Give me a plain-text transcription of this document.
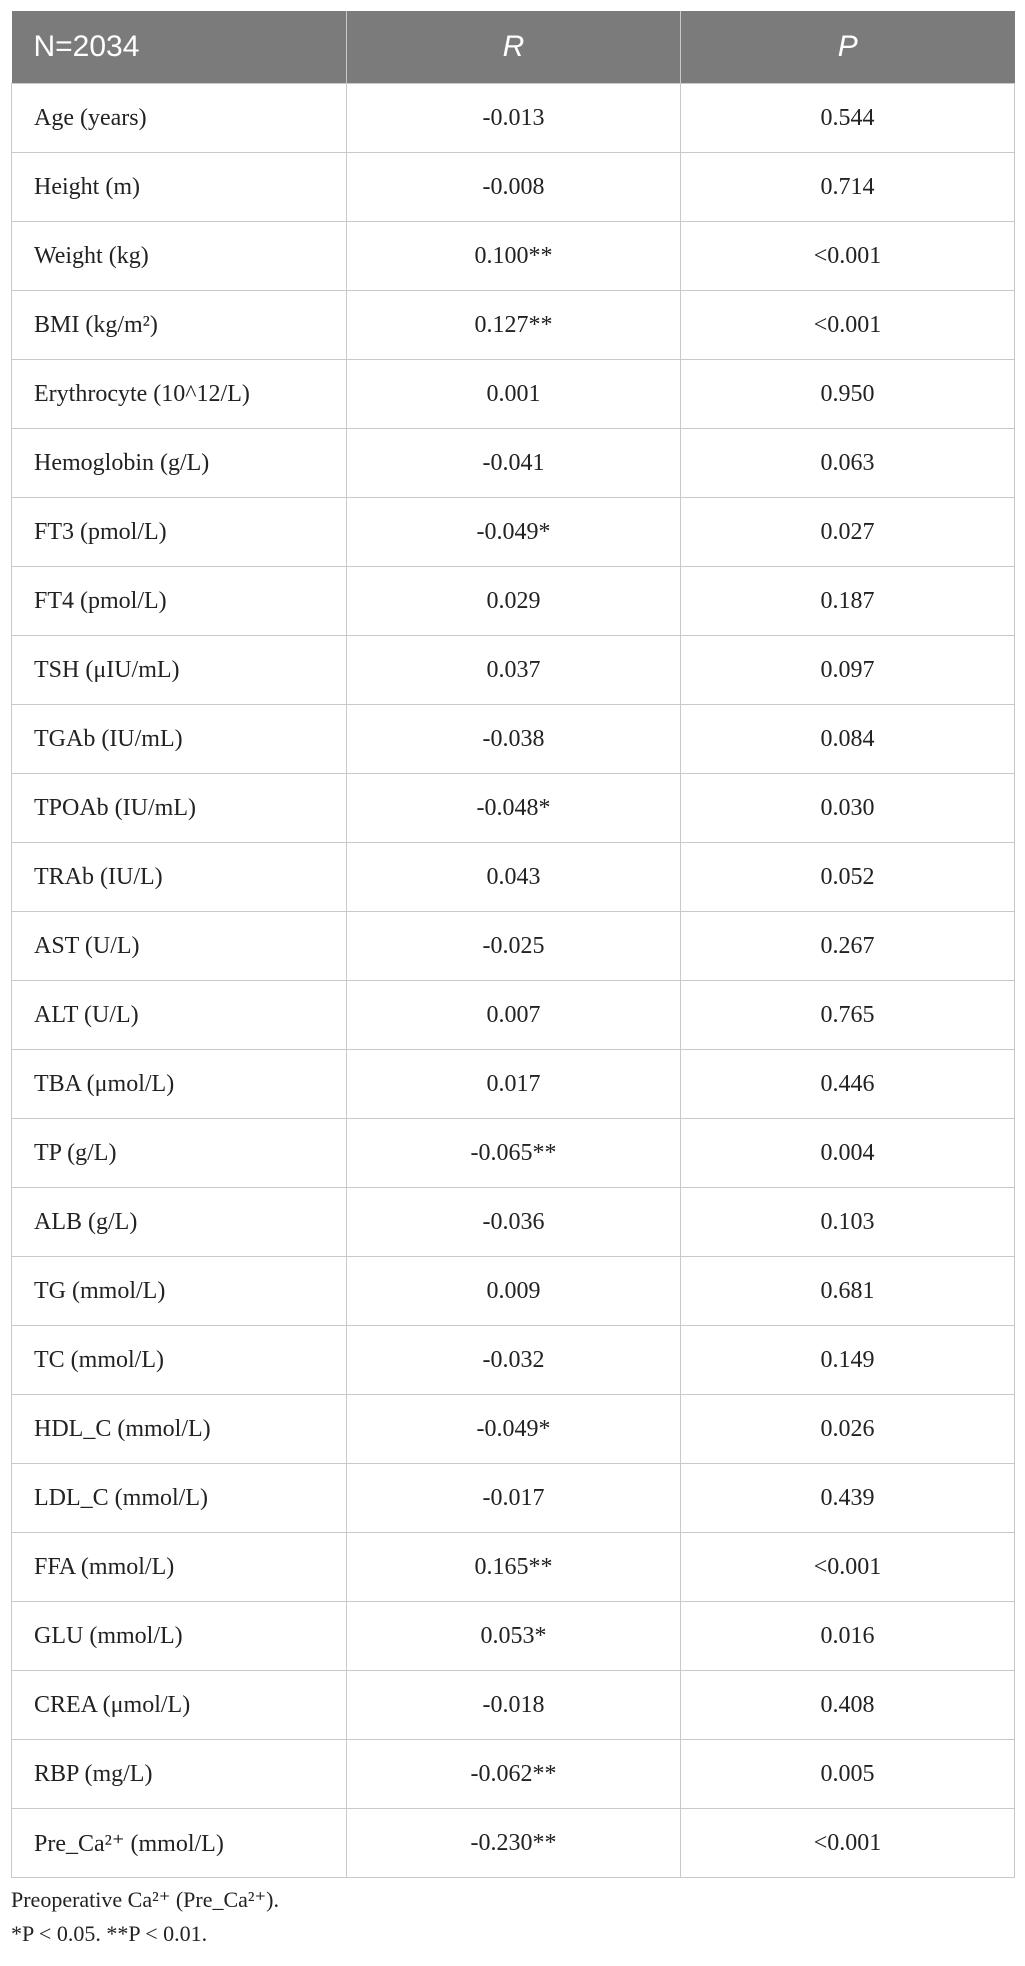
N=2034	R	P
Age (years)	-0.013	0.544
Height (m)	-0.008	0.714
Weight (kg)	0.100**	<0.001
BMI (kg/m²)	0.127**	<0.001
Erythrocyte (10^12/L)	0.001	0.950
Hemoglobin (g/L)	-0.041	0.063
FT3 (pmol/L)	-0.049*	0.027
FT4 (pmol/L)	0.029	0.187
TSH (μIU/mL)	0.037	0.097
TGAb (IU/mL)	-0.038	0.084
TPOAb (IU/mL)	-0.048*	0.030
TRAb (IU/L)	0.043	0.052
AST (U/L)	-0.025	0.267
ALT (U/L)	0.007	0.765
TBA (μmol/L)	0.017	0.446
TP (g/L)	-0.065**	0.004
ALB (g/L)	-0.036	0.103
TG (mmol/L)	0.009	0.681
TC (mmol/L)	-0.032	0.149
HDL_C (mmol/L)	-0.049*	0.026
LDL_C (mmol/L)	-0.017	0.439
FFA (mmol/L)	0.165**	<0.001
GLU (mmol/L)	0.053*	0.016
CREA (μmol/L)	-0.018	0.408
RBP (mg/L)	-0.062**	0.005
Pre_Ca²⁺ (mmol/L)	-0.230**	<0.001
Preoperative Ca²⁺ (Pre_Ca²⁺).
*P < 0.05. **P < 0.01.
